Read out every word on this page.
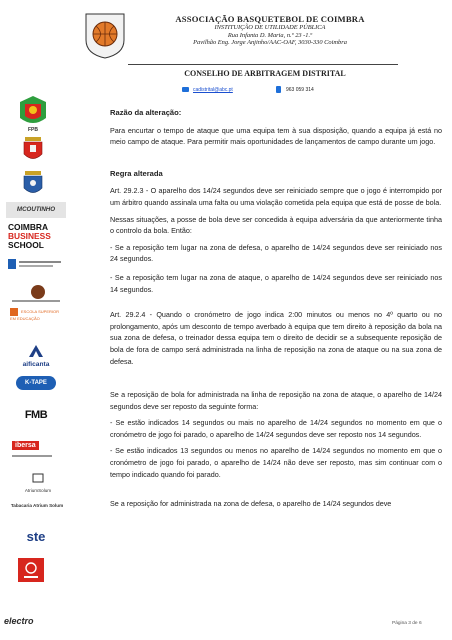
ASSOCIAÇÃO BASQUETEBOL DE COIMBRA
INSTITUIÇÃO DE UTILIDADE PÚBLICA
Rua Infanta D. Maria, n.º 23 -1.º
Pavilhão Eng. Jorge Anjinho/AAC-OAF, 3030-330 Coimbra
CONSELHO DE ARBITRAGEM DISTRITAL
cadistrital@abc.pt	963 059 314
FPB
MCOUTINHO
COIMBRA
BUSINESS
SCHOOL
ESCOLA SUPERIOR EM EDUCAÇÃO
aificanta
K-TAPE
FMB
ibersa
AtriumSolum
Tabacaria Atrium Solum
ste
electro

Razão da alteração:

Para encurtar o tempo de ataque que uma equipa tem à sua disposição, quando a equipa já está no meio campo de ataque. Para permitir mais oportunidades de lançamentos de campo durante um jogo.

Regra alterada

Art. 29.2.3 - O aparelho dos 14/24 segundos deve ser reiniciado sempre que o jogo é interrompido por um árbitro quando assinala uma falta ou uma violação cometida pela equipa que está de posse de bola.

Nessas situações, a posse de bola deve ser concedida à equipa adversária da que anteriormente tinha o controlo da bola. Então:

- Se a reposição tem lugar na zona de defesa, o aparelho de 14/24 segundos deve ser reiniciado nos 24 segundos.

- Se a reposição tem lugar na zona de ataque, o aparelho de 14/24 segundos deve ser reiniciado nos 14 segundos.

Art. 29.2.4 - Quando o cronómetro de jogo indica 2:00 minutos ou menos no 4º quarto ou no prolongamento, após um desconto de tempo averbado à equipa que tem direito à reposição da bola na sua zona de defesa, o treinador dessa equipa tem o direito de decidir se a subsequente reposição de bola de fora de campo será administrada na linha de reposição na zona de ataque ou na sua zona de defesa.

Se a reposição de bola for administrada na linha de reposição na zona de ataque, o aparelho de 14/24 segundos deve ser reposto da seguinte forma:

- Se estão indicados 14 segundos ou mais no aparelho de 14/24 segundos no momento em que o cronómetro de jogo foi parado, o aparelho de 14/24 segundos deve ser reposto nos 14 segundos.

- Se estão indicados 13 segundos ou menos no aparelho de 14/24 segundos no momento em que o cronómetro de jogo foi parado, o aparelho de 14/24 não deve ser reposto, mas sim continuar com o tempo indicado quando foi parado.

Se a reposição for administrada na zona de defesa, o aparelho de 14/24 segundos deve

Página 3 de 6
